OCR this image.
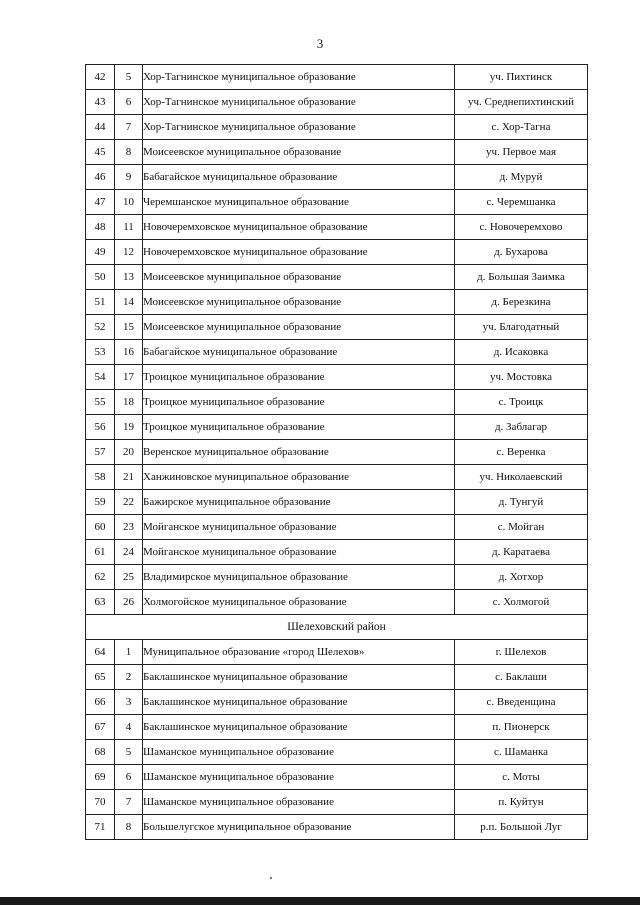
3
42	5	Хор-Тагнинское муниципальное образование	уч. Пихтинск
43	6	Хор-Тагнинское муниципальное образование	уч. Среднепихтинский
44	7	Хор-Тагнинское муниципальное образование	с. Хор-Тагна
45	8	Моисеевское муниципальное образование	уч. Первое мая
46	9	Бабагайское муниципальное образование	д. Муруй
47	10	Черемшанское муниципальное образование	с. Черемшанка
48	11	Новочеремховское муниципальное образование	с. Новочеремхово
49	12	Новочеремховское муниципальное образование	д. Бухарова
50	13	Моисеевское муниципальное образование	д. Большая Заимка
51	14	Моисеевское муниципальное образование	д. Березкина
52	15	Моисеевское муниципальное образование	уч. Благодатный
53	16	Бабагайское муниципальное образование	д. Исаковка
54	17	Троицкое муниципальное образование	уч. Мостовка
55	18	Троицкое муниципальное образование	с. Троицк
56	19	Троицкое муниципальное образование	д. Заблагар
57	20	Веренское муниципальное образование	с. Веренка
58	21	Ханжиновское муниципальное образование	уч. Николаевский
59	22	Бажирское муниципальное образование	д. Тунгуй
60	23	Мойганское муниципальное образование	с. Мойган
61	24	Мойганское муниципальное образование	д. Каратаева
62	25	Владимирское муниципальное образование	д. Хотхор
63	26	Холмогойское муниципальное образование	с. Холмогой
Шелеховский район			
64	1	Муниципальное образование «город Шелехов»	г. Шелехов
65	2	Баклашинское муниципальное образование	с. Баклаши
66	3	Баклашинское муниципальное образование	с. Введенщина
67	4	Баклашинское муниципальное образование	п. Пионерск
68	5	Шаманское муниципальное образование	с. Шаманка
69	6	Шаманское муниципальное образование	с. Моты
70	7	Шаманское муниципальное образование	п. Куйтун
71	8	Большелугское муниципальное образование	р.п. Большой Луг
